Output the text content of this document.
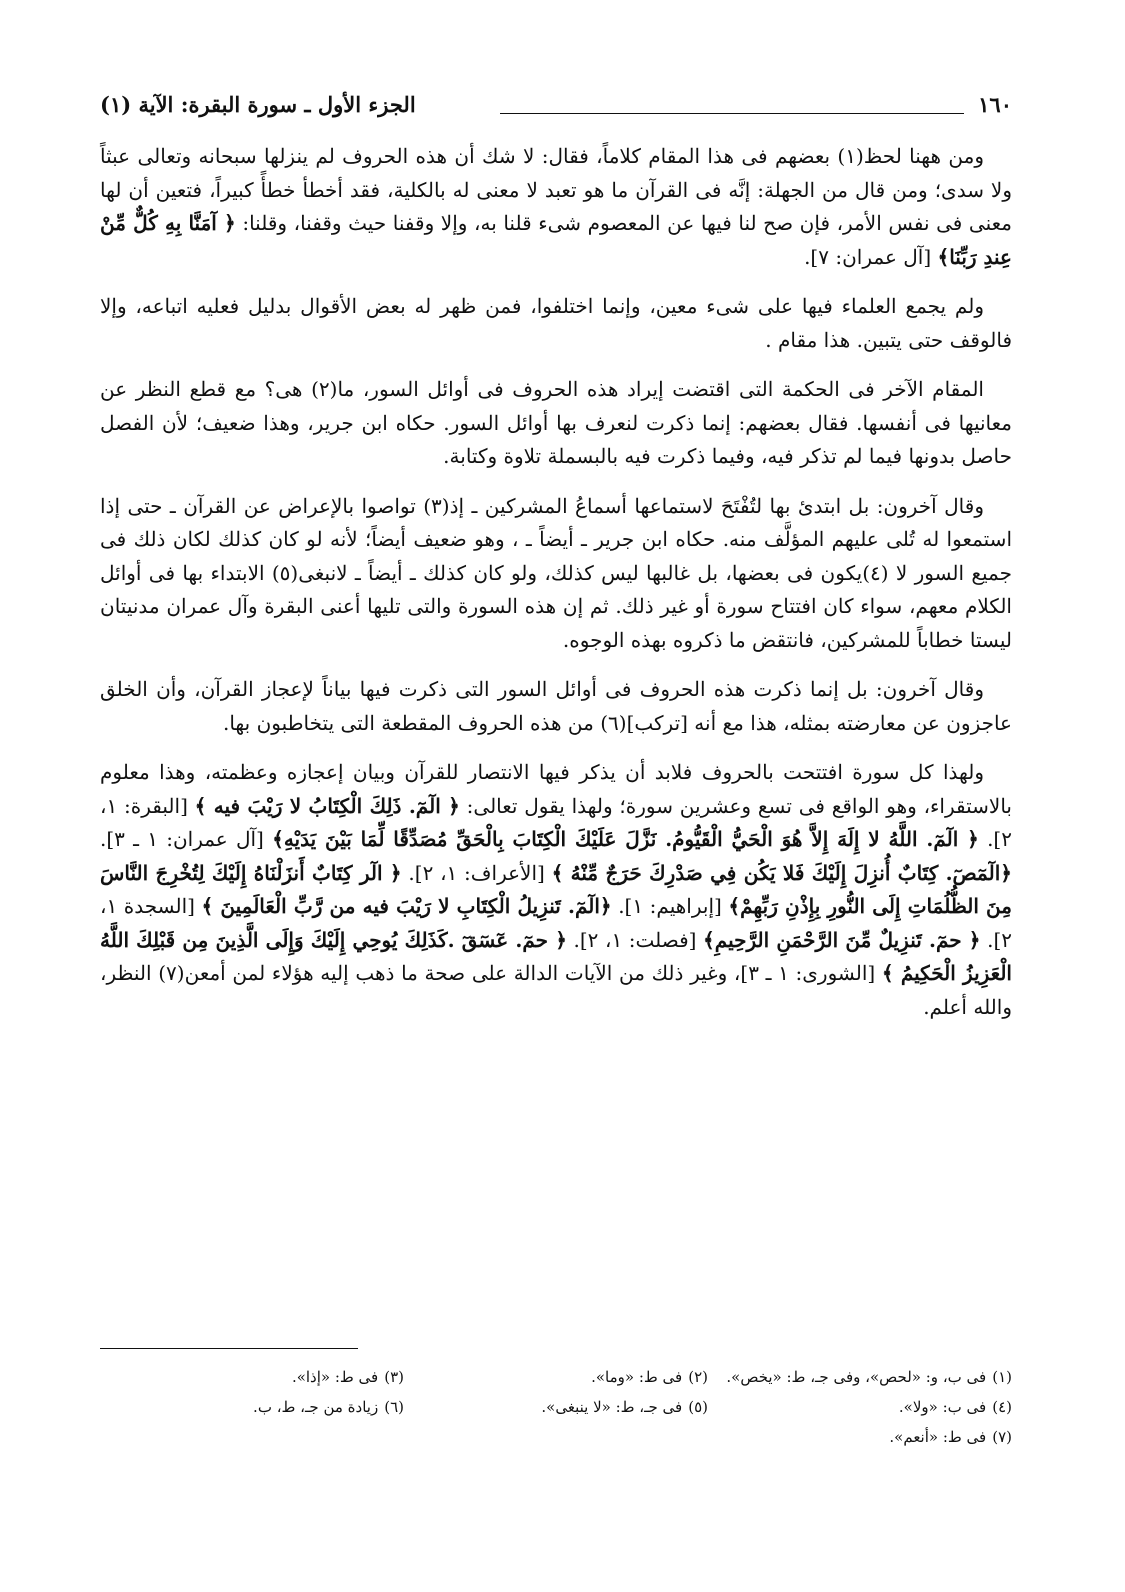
١٦٠
الجزء الأول ـ سورة البقرة: الآية (١)

ومن ههنا لحظ(١) بعضهم فى هذا المقام كلاماً، فقال: لا شك أن هذه الحروف لم ينزلها سبحانه وتعالى عبثاً ولا سدى؛ ومن قال من الجهلة: إنَّه فى القرآن ما هو تعبد لا معنى له بالكلية، فقد أخطأ خطأً كبيراً، فتعين أن لها معنى فى نفس الأمر، فإن صح لنا فيها عن المعصوم شىء قلنا به، وإلا وقفنا حيث وقفنا، وقلنا: ﴿ آمَنَّا بِهِ كُلٌّ مِّنْ عِندِ رَبِّنَا﴾ [آل عمران: ٧].

ولم يجمع العلماء فيها على شىء معين، وإنما اختلفوا، فمن ظهر له بعض الأقوال بدليل فعليه اتباعه، وإلا فالوقف حتى يتبين. هذا مقام .

المقام الآخر فى الحكمة التى اقتضت إيراد هذه الحروف فى أوائل السور، ما(٢) هى؟ مع قطع النظر عن معانيها فى أنفسها. فقال بعضهم: إنما ذكرت لنعرف بها أوائل السور. حكاه ابن جرير، وهذا ضعيف؛ لأن الفصل حاصل بدونها فيما لم تذكر فيه، وفيما ذكرت فيه بالبسملة تلاوة وكتابة.

وقال آخرون: بل ابتدئ بها لتُفْتَحَ لاستماعها أسماعُ المشركين ـ إذ(٣) تواصوا بالإعراض عن القرآن ـ حتى إذا استمعوا له تُلى عليهم المؤلَّف منه. حكاه ابن جرير ـ أيضاً ـ ، وهو ضعيف أيضاً؛ لأنه لو كان كذلك لكان ذلك فى جميع السور لا (٤)يكون فى بعضها، بل غالبها ليس كذلك، ولو كان كذلك ـ أيضاً ـ لانبغى(٥) الابتداء بها فى أوائل الكلام معهم، سواء كان افتتاح سورة أو غير ذلك. ثم إن هذه السورة والتى تليها أعنى البقرة وآل عمران مدنيتان ليستا خطاباً للمشركين، فانتقض ما ذكروه بهذه الوجوه.

وقال آخرون: بل إنما ذكرت هذه الحروف فى أوائل السور التى ذكرت فيها بياناً لإعجاز القرآن، وأن الخلق عاجزون عن معارضته بمثله، هذا مع أنه [تركب](٦) من هذه الحروف المقطعة التى يتخاطبون بها.

ولهذا كل سورة افتتحت بالحروف فلابد أن يذكر فيها الانتصار للقرآن وبيان إعجازه وعظمته، وهذا معلوم بالاستقراء، وهو الواقع فى تسع وعشرين سورة؛ ولهذا يقول تعالى: ﴿ الٓمٓ. ذَلِكَ الْكِتَابُ لا رَيْبَ فيه ﴾ [البقرة: ١، ٢]. ﴿ الٓمٓ. اللَّهُ لا إِلَهَ إِلاَّ هُوَ الْحَيُّ الْقَيُّومُ. نَزَّلَ عَلَيْكَ الْكِتَابَ بِالْحَقِّ مُصَدِّقًا لِّمَا بَيْنَ يَدَيْهِ﴾ [آل عمران: ١ ـ ٣]. ﴿الٓمٓصٓ. كِتَابٌ أُنزِلَ إِلَيْكَ فَلا يَكُن فِي صَدْرِكَ حَرَجٌ مِّنْهُ ﴾ [الأعراف: ١، ٢]. ﴿ الٓر كِتَابٌ أَنزَلْنَاهُ إِلَيْكَ لِتُخْرِجَ النَّاسَ مِنَ الظُّلُمَاتِ إِلَى النُّورِ بِإِذْنِ رَبِّهِمْ﴾ [إبراهيم: ١]. ﴿الٓمٓ. تَنزِيلُ الْكِتَابِ لا رَيْبَ فيه من رَّبِّ الْعَالَمِينَ ﴾ [السجدة ١، ٢]. ﴿ حمٓ. تَنزِيلٌ مِّنَ الرَّحْمَنِ الرَّحِيمِ﴾ [فصلت: ١، ٢]. ﴿ حمٓ. عٓسٓقٓ .كَذَلِكَ يُوحِي إِلَيْكَ وَإِلَى الَّذِينَ مِن قَبْلِكَ اللَّهُ الْعَزِيزُ الْحَكِيمُ ﴾ [الشورى: ١ ـ ٣]، وغير ذلك من الآيات الدالة على صحة ما ذهب إليه هؤلاء لمن أمعن(٧) النظر، والله أعلم.

(١)فى ب، و: «لحص»، وفى جـ، ط: «يخص».
(٢)فى ط: «وما».
(٣)فى ط: «إذا».
(٤)فى ب: «ولا».
(٥)فى جـ، ط: «لا ينبغى».
(٦)زيادة من جـ، ط، ب.
(٧)فى ط: «أنعم».
